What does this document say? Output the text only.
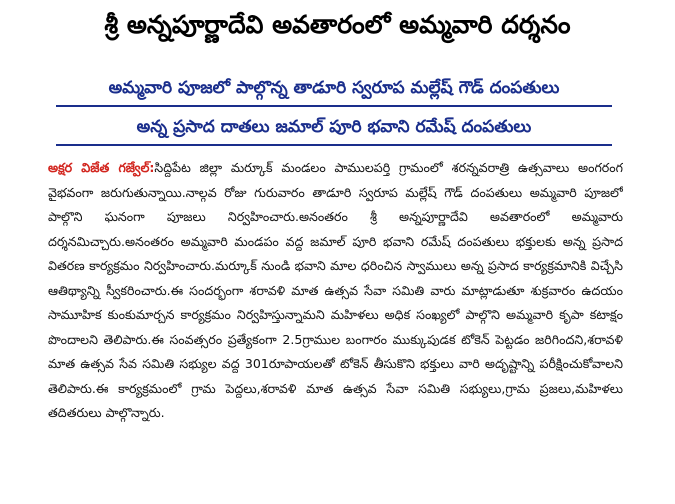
శ్రీ అన్నపూర్ణాదేవి అవతారంలో అమ్మవారి దర్శనం
అమ్మవారి పూజలో పాల్గొన్న తాడూరి స్వరూప మల్లేష్ గౌడ్ దంపతులు
అన్న ప్రసాద దాతలు జమాల్ పూరి భవాని రమేష్ దంపతులు

అక్షర విజేత గజ్వేల్:సిద్దిపేట జిల్లా మర్కూక్ మండలం పాములపర్తి గ్రామంలో శరన్నవరాత్రి ఉత్సవాలు అంగరంగ వైభవంగా జరుగుతున్నాయి.నాల్గవ రోజు గురువారం తాడూరి స్వరూప మల్లేష్ గౌడ్ దంపతులు అమ్మవారి పూజలో పాల్గొని ఘనంగా పూజలు నిర్వహించారు.అనంతరం శ్రీ అన్నపూర్ణాదేవి అవతారంలో అమ్మవారు దర్శనమిచ్చారు.అనంతరం అమ్మవారి మండపం వద్ద జమాల్ పూరి భవాని రమేష్ దంపతులు భక్తులకు అన్న ప్రసాద వితరణ కార్యక్రమం నిర్వహించారు.మర్కూక్ నుండి భవాని మాల ధరించిన స్వాములు అన్న ప్రసాద కార్యక్రమానికి విచ్చేసి ఆతిథ్యాన్ని స్వీకరించారు.ఈ సందర్భంగా శరావళి మాత ఉత్సవ సేవా సమితి వారు మాట్లాడుతూ శుక్రవారం ఉదయం సామూహిక కుంకుమార్చన కార్యక్రమం నిర్వహిస్తున్నామని మహిళలు అధిక సంఖ్యలో పాల్గొని అమ్మవారి కృపా కటాక్షం పొందాలని తెలిపారు.ఈ సంవత్సరం ప్రత్యేకంగా 2.5గ్రాముల బంగారం ముక్కుపుడక టోకెన్ పెట్టడం జరిగిందని,శరావళి మాత ఉత్సవ సేవ సమితి సభ్యుల వద్ద 301రూపాయలతో టోకెన్ తీసుకొని భక్తులు వారి అదృష్టాన్ని పరీక్షించుకోవాలని తెలిపారు.ఈ కార్యక్రమంలో గ్రామ పెద్దలు,శరావళి మాత ఉత్సవ సేవా సమితి సభ్యులు,గ్రామ ప్రజలు,మహిళలు తదితరులు పాల్గొన్నారు.
